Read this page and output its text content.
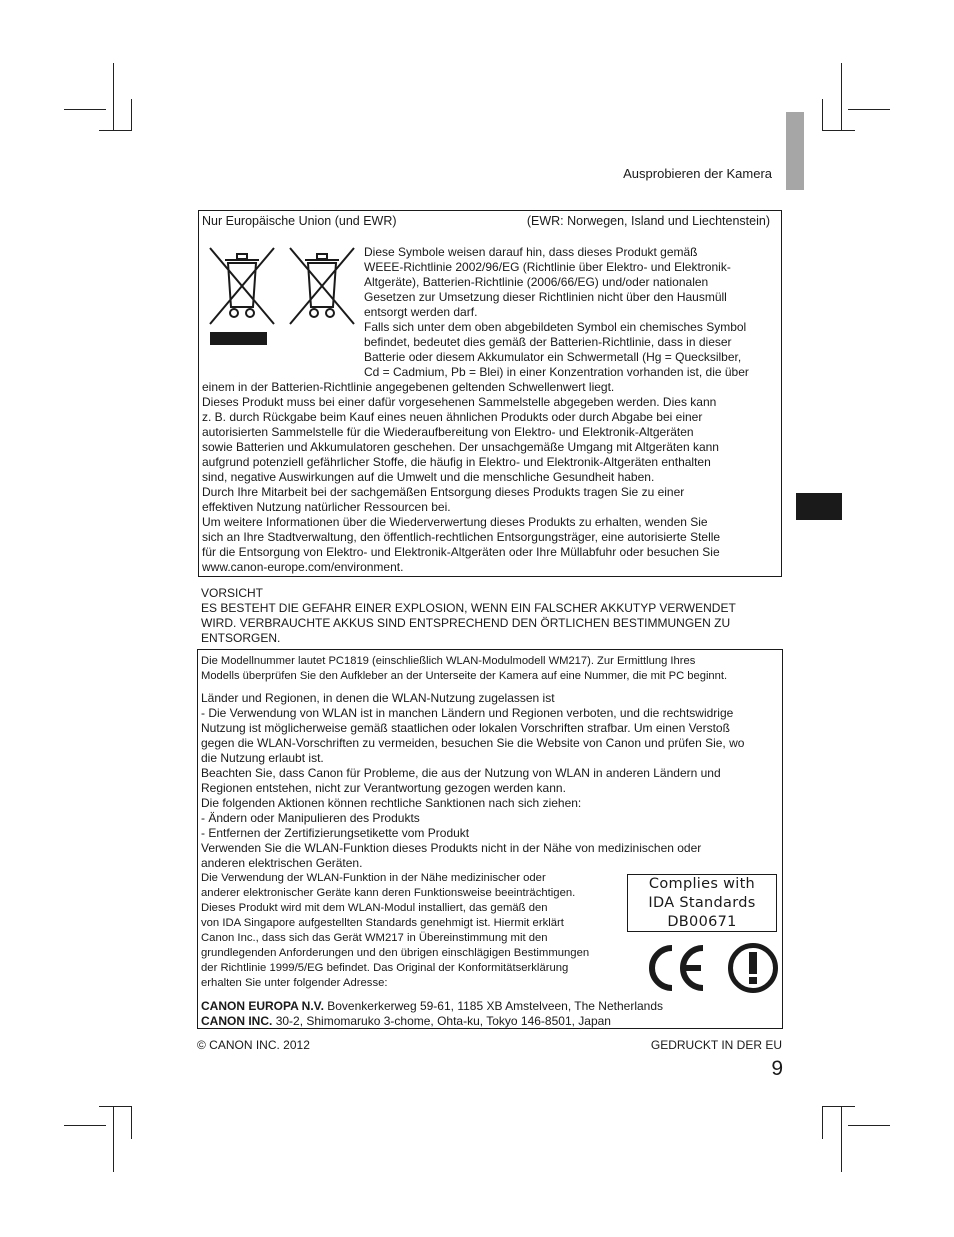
Ausprobieren der Kamera
Nur Europäische Union (und EWR)	(EWR: Norwegen, Island und Liechtenstein)
Diese Symbole weisen darauf hin, dass dieses Produkt gemäß
WEEE-Richtlinie 2002/96/EG (Richtlinie über Elektro- und Elektronik-
Altgeräte), Batterien-Richtlinie (2006/66/EG) und/oder nationalen
Gesetzen zur Umsetzung dieser Richtlinien nicht über den Hausmüll
entsorgt werden darf.
Falls sich unter dem oben abgebildeten Symbol ein chemisches Symbol
befindet, bedeutet dies gemäß der Batterien-Richtlinie, dass in dieser
Batterie oder diesem Akkumulator ein Schwermetall (Hg = Quecksilber,
Cd = Cadmium, Pb = Blei) in einer Konzentration vorhanden ist, die über
einem in der Batterien-Richtlinie angegebenen geltenden Schwellenwert liegt.
Dieses Produkt muss bei einer dafür vorgesehenen Sammelstelle abgegeben werden. Dies kann
z. B. durch Rückgabe beim Kauf eines neuen ähnlichen Produkts oder durch Abgabe bei einer
autorisierten Sammelstelle für die Wiederaufbereitung von Elektro- und Elektronik-Altgeräten
sowie Batterien und Akkumulatoren geschehen. Der unsachgemäße Umgang mit Altgeräten kann
aufgrund potenziell gefährlicher Stoffe, die häufig in Elektro- und Elektronik-Altgeräten enthalten
sind, negative Auswirkungen auf die Umwelt und die menschliche Gesundheit haben.
Durch Ihre Mitarbeit bei der sachgemäßen Entsorgung dieses Produkts tragen Sie zu einer
effektiven Nutzung natürlicher Ressourcen bei.
Um weitere Informationen über die Wiederverwertung dieses Produkts zu erhalten, wenden Sie
sich an Ihre Stadtverwaltung, den öffentlich-rechtlichen Entsorgungsträger, eine autorisierte Stelle
für die Entsorgung von Elektro- und Elektronik-Altgeräten oder Ihre Müllabfuhr oder besuchen Sie
www.canon-europe.com/environment.
VORSICHT
ES BESTEHT DIE GEFAHR EINER EXPLOSION, WENN EIN FALSCHER AKKUTYP VERWENDET
WIRD. VERBRAUCHTE AKKUS SIND ENTSPRECHEND DEN ÖRTLICHEN BESTIMMUNGEN ZU
ENTSORGEN.
Die Modellnummer lautet PC1819 (einschließlich WLAN-Modulmodell WM217). Zur Ermittlung Ihres
Modells überprüfen Sie den Aufkleber an der Unterseite der Kamera auf eine Nummer, die mit PC beginnt.
Länder und Regionen, in denen die WLAN-Nutzung zugelassen ist
- Die Verwendung von WLAN ist in manchen Ländern und Regionen verboten, und die rechtswidrige
Nutzung ist möglicherweise gemäß staatlichen oder lokalen Vorschriften strafbar. Um einen Verstoß
gegen die WLAN-Vorschriften zu vermeiden, besuchen Sie die Website von Canon und prüfen Sie, wo
die Nutzung erlaubt ist.
Beachten Sie, dass Canon für Probleme, die aus der Nutzung von WLAN in anderen Ländern und
Regionen entstehen, nicht zur Verantwortung gezogen werden kann.
Die folgenden Aktionen können rechtliche Sanktionen nach sich ziehen:
- Ändern oder Manipulieren des Produkts
- Entfernen der Zertifizierungsetikette vom Produkt
Verwenden Sie die WLAN-Funktion dieses Produkts nicht in der Nähe von medizinischen oder
anderen elektrischen Geräten.
Die Verwendung der WLAN-Funktion in der Nähe medizinischer oder
anderer elektronischer Geräte kann deren Funktionsweise beeinträchtigen.
Dieses Produkt wird mit dem WLAN-Modul installiert, das gemäß den
von IDA Singapore aufgestellten Standards genehmigt ist. Hiermit erklärt
Canon Inc., dass sich das Gerät WM217 in Übereinstimmung mit den
grundlegenden Anforderungen und den übrigen einschlägigen Bestimmungen
der Richtlinie 1999/5/EG befindet. Das Original der Konformitätserklärung
erhalten Sie unter folgender Adresse:
Complies with
IDA Standards
DB00671
CANON EUROPA N.V. Bovenkerkerweg 59-61, 1185 XB Amstelveen, The Netherlands
CANON INC. 30-2, Shimomaruko 3-chome, Ohta-ku, Tokyo 146-8501, Japan
© CANON INC. 2012	GEDRUCKT IN DER EU
9
